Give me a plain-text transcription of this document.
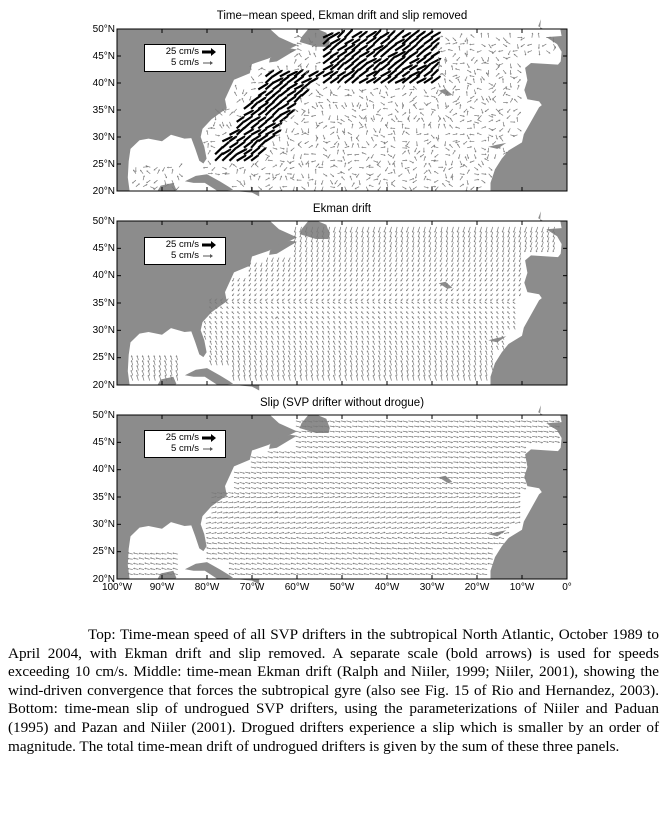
Time−mean speed, Ekman drift and slip removed
Ekman drift
Slip (SVP drifter without drogue)
25 cm/s
5 cm/s
25 cm/s
5 cm/s
25 cm/s
5 cm/s
50°N
45°N
40°N
35°N
30°N
25°N
20°N
50°N
45°N
40°N
35°N
30°N
25°N
20°N
50°N
45°N
40°N
35°N
30°N
25°N
20°N
100°W	90°W	80°W	70°W	60°W	50°W	40°W	30°W	20°W	10°W	0°

Top: Time-mean speed of all SVP drifters in the subtropical North Atlantic, October 1989 to April 2004, with Ekman drift and slip removed. A separate scale (bold arrows) is used for speeds exceeding 10 cm/s. Middle: time-mean Ekman drift (Ralph and Niiler, 1999; Niiler, 2001), showing the wind-driven convergence that forces the subtropical gyre (also see Fig. 15 of Rio and Hernandez, 2003). Bottom: time-mean slip of undrogued SVP drifters, using the parameterizations of Niiler and Paduan (1995) and Pazan and Niiler (2001). Drogued drifters experience a slip which is smaller by an order of magnitude. The total time-mean drift of undrogued drifters is given by the sum of these three panels.
